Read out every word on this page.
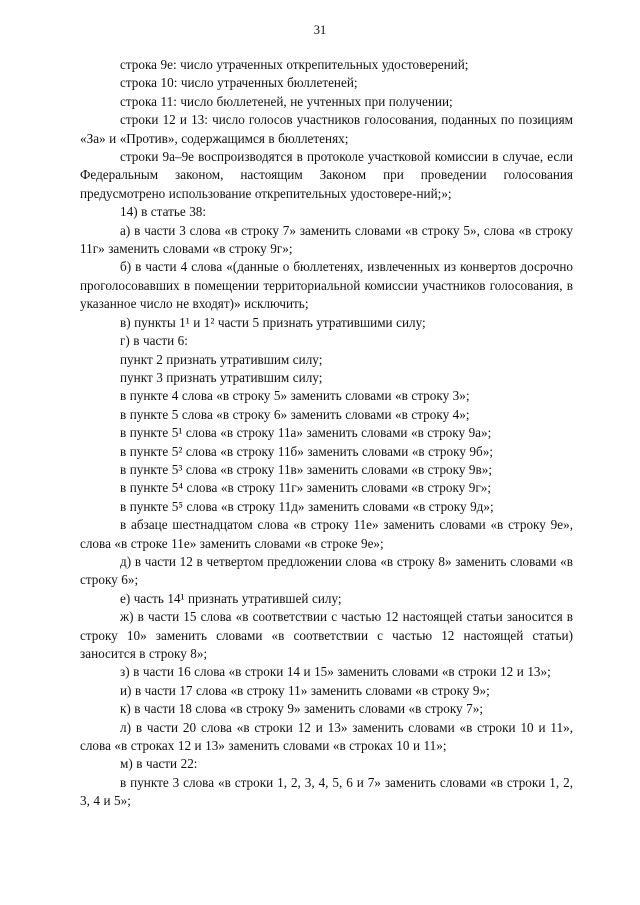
31

строка 9е: число утраченных открепительных удостоверений;

строка 10: число утраченных бюллетеней;

строка 11: число бюллетеней, не учтенных при получении;

строки 12 и 13: число голосов участников голосования, поданных по позициям «За» и «Против», содержащимся в бюллетенях;

строки 9а–9е воспроизводятся в протоколе участковой комиссии в случае, если Федеральным законом, настоящим Законом при проведении голосования предусмотрено использование открепительных удостовере-ний;»;

14) в статье 38:

а) в части 3 слова «в строку 7» заменить словами «в строку 5», слова «в строку 11г» заменить словами «в строку 9г»;

б) в части 4 слова «(данные о бюллетенях, извлеченных из конвертов досрочно проголосовавших в помещении территориальной комиссии участников голосования, в указанное число не входят)» исключить;

в) пункты 1¹ и 1² части 5 признать утратившими силу;

г) в части 6:

пункт 2 признать утратившим силу;

пункт 3 признать утратившим силу;

в пункте 4 слова «в строку 5» заменить словами «в строку 3»;

в пункте 5 слова «в строку 6» заменить словами «в строку 4»;

в пункте 5¹ слова «в строку 11а» заменить словами «в строку 9а»;

в пункте 5² слова «в строку 11б» заменить словами «в строку 9б»;

в пункте 5³ слова «в строку 11в» заменить словами «в строку 9в»;

в пункте 5⁴ слова «в строку 11г» заменить словами «в строку 9г»;

в пункте 5⁵ слова «в строку 11д» заменить словами «в строку 9д»;

в абзаце шестнадцатом слова «в строку 11е» заменить словами «в строку 9е», слова «в строке 11е» заменить словами «в строке 9е»;

д) в части 12 в четвертом предложении слова «в строку 8» заменить словами «в строку 6»;

е) часть 14¹ признать утратившей силу;

ж) в части 15 слова «в соответствии с частью 12 настоящей статьи заносится в строку 10» заменить словами «в соответствии с частью 12 настоящей статьи) заносится в строку 8»;

з) в части 16 слова «в строки 14 и 15» заменить словами «в строки 12 и 13»;

и) в части 17 слова «в строку 11» заменить словами «в строку 9»;

к) в части 18 слова «в строку 9» заменить словами «в строку 7»;

л) в части 20 слова «в строки 12 и 13» заменить словами «в строки 10 и 11», слова «в строках 12 и 13» заменить словами «в строках 10 и 11»;

м) в части 22:

в пункте 3 слова «в строки 1, 2, 3, 4, 5, 6 и 7» заменить словами «в строки 1, 2, 3, 4 и 5»;
